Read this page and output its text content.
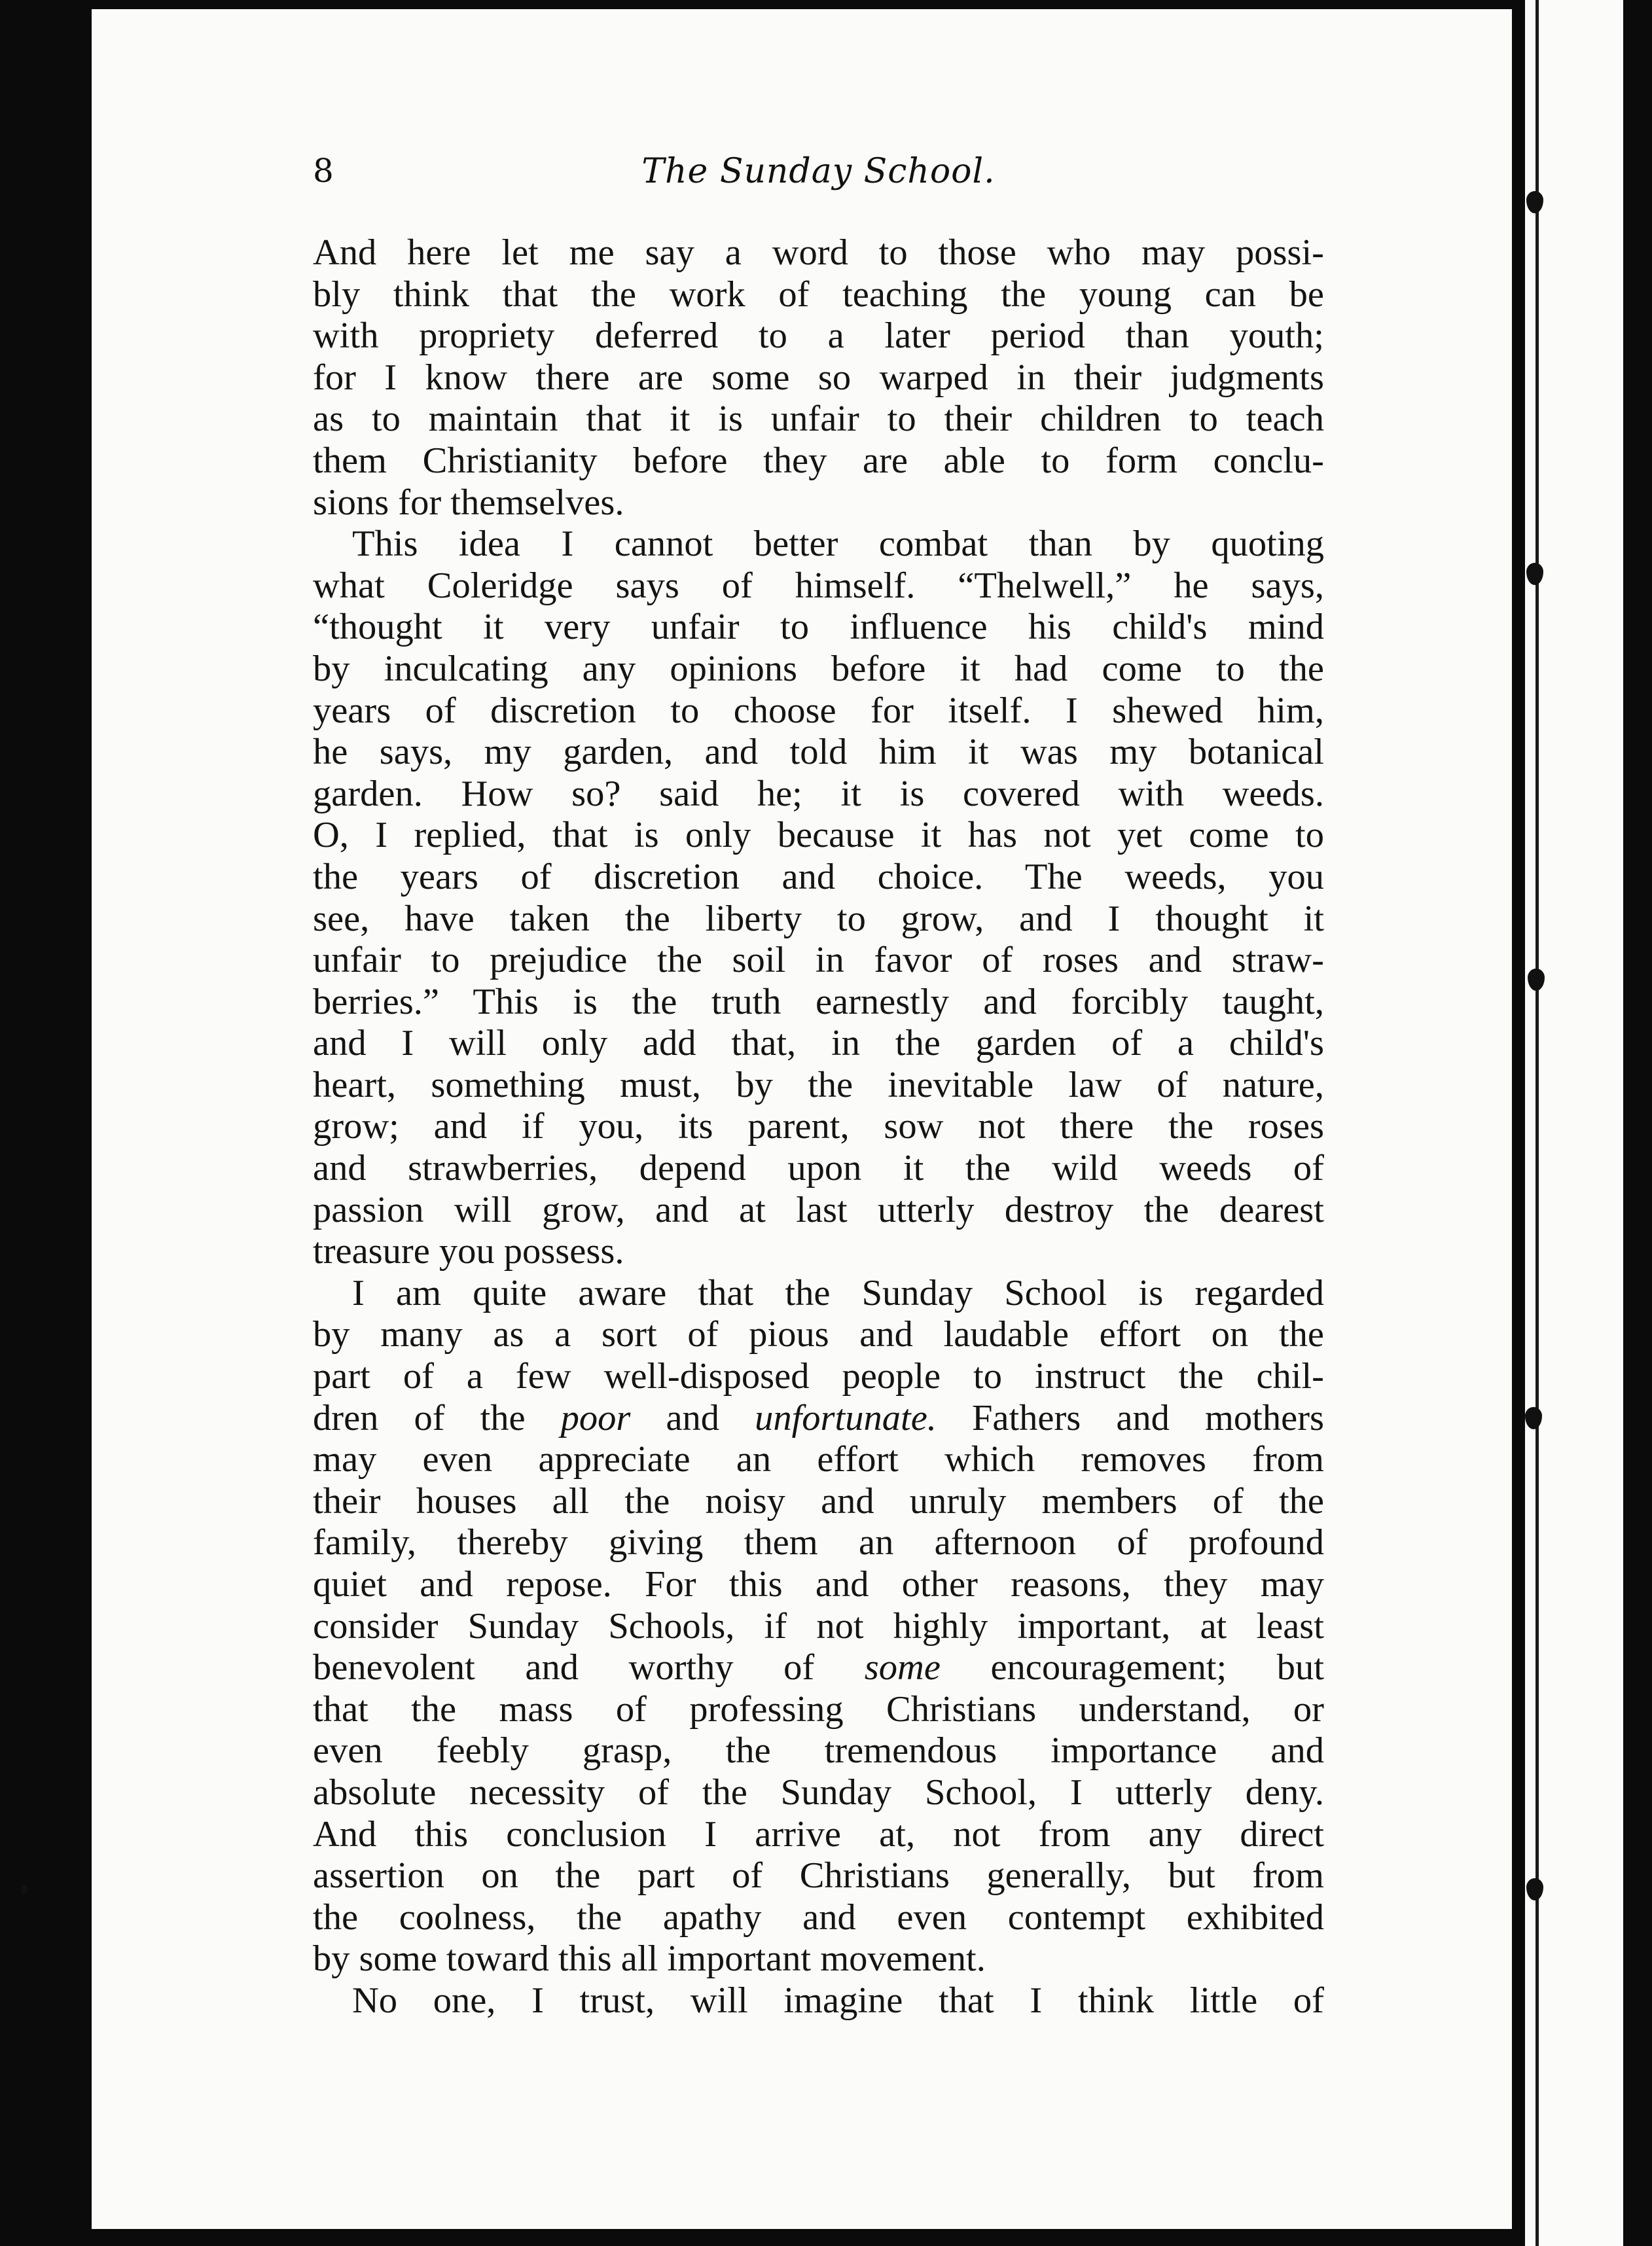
8	The Sunday School.
And here let me say a word to those who may possi-
bly think that the work of teaching the young can be
with propriety deferred to a later period than youth;
for I know there are some so warped in their judgments
as to maintain that it is unfair to their children to teach
them Christianity before they are able to form conclu-
sions for themselves.
This idea I cannot better combat than by quoting
what Coleridge says of himself. “Thelwell,” he says,
“thought it very unfair to influence his child's mind
by inculcating any opinions before it had come to the
years of discretion to choose for itself. I shewed him,
he says, my garden, and told him it was my botanical
garden. How so? said he; it is covered with weeds.
O, I replied, that is only because it has not yet come to
the years of discretion and choice. The weeds, you
see, have taken the liberty to grow, and I thought it
unfair to prejudice the soil in favor of roses and straw-
berries.” This is the truth earnestly and forcibly taught,
and I will only add that, in the garden of a child's
heart, something must, by the inevitable law of nature,
grow; and if you, its parent, sow not there the roses
and strawberries, depend upon it the wild weeds of
passion will grow, and at last utterly destroy the dearest
treasure you possess.
I am quite aware that the Sunday School is regarded
by many as a sort of pious and laudable effort on the
part of a few well-disposed people to instruct the chil-
dren of the poor and unfortunate. Fathers and mothers
may even appreciate an effort which removes from
their houses all the noisy and unruly members of the
family, thereby giving them an afternoon of profound
quiet and repose. For this and other reasons, they may
consider Sunday Schools, if not highly important, at least
benevolent and worthy of some encouragement; but
that the mass of professing Christians understand, or
even feebly grasp, the tremendous importance and
absolute necessity of the Sunday School, I utterly deny.
And this conclusion I arrive at, not from any direct
assertion on the part of Christians generally, but from
the coolness, the apathy and even contempt exhibited
by some toward this all important movement.
No one, I trust, will imagine that I think little of
